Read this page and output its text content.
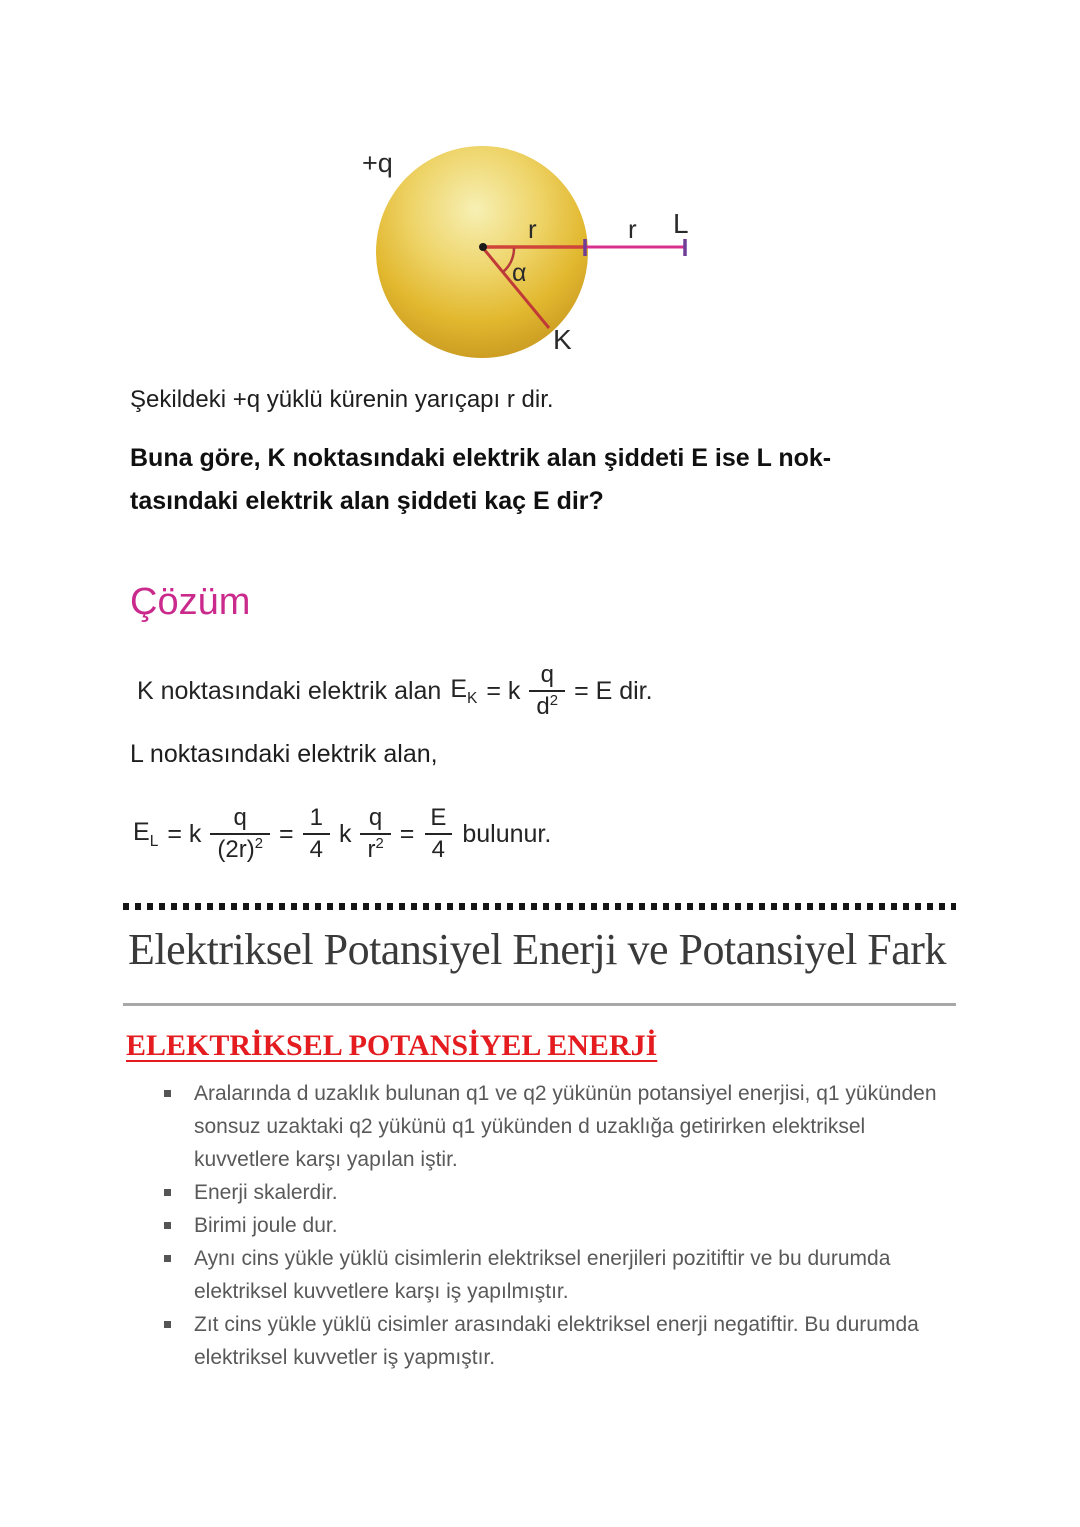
+q
r	r L
α
K

Şekildeki +q yüklü kürenin yarıçapı r dir.

Buna göre, K noktasındaki elektrik alan şiddeti E ise L nok-
tasındaki elektrik alan şiddeti kaç E dir?
Çözüm
K noktasındaki elektrik alan $E_K = k \frac{q}{d^2} = E$ dir.

L noktasındaki elektrik alan,

$E_L = k \frac{q}{(2r)^2} = \frac{1}{4}$ k $\frac{q}{r^2} = \frac{E}{4}$ bulunur.
Elektriksel Potansiyel Enerji ve Potansiyel Fark
ELEKTRİKSEL POTANSİYEL ENERJİ
Aralarında d uzaklık bulunan q1 ve q2 yükünün potansiyel enerjisi, q1 yükünden sonsuz uzaktaki q2 yükünü q1 yükünden d uzaklığa getirirken elektriksel kuvvetlere karşı yapılan iştir.
Enerji skalerdir.
Birimi joule dur.
Aynı cins yükle yüklü cisimlerin elektriksel enerjileri pozitiftir ve bu durumda elektriksel kuvvetlere karşı iş yapılmıştır.
Zıt cins yükle yüklü cisimler arasındaki elektriksel enerji negatiftir. Bu durumda elektriksel kuvvetler iş yapmıştır.
